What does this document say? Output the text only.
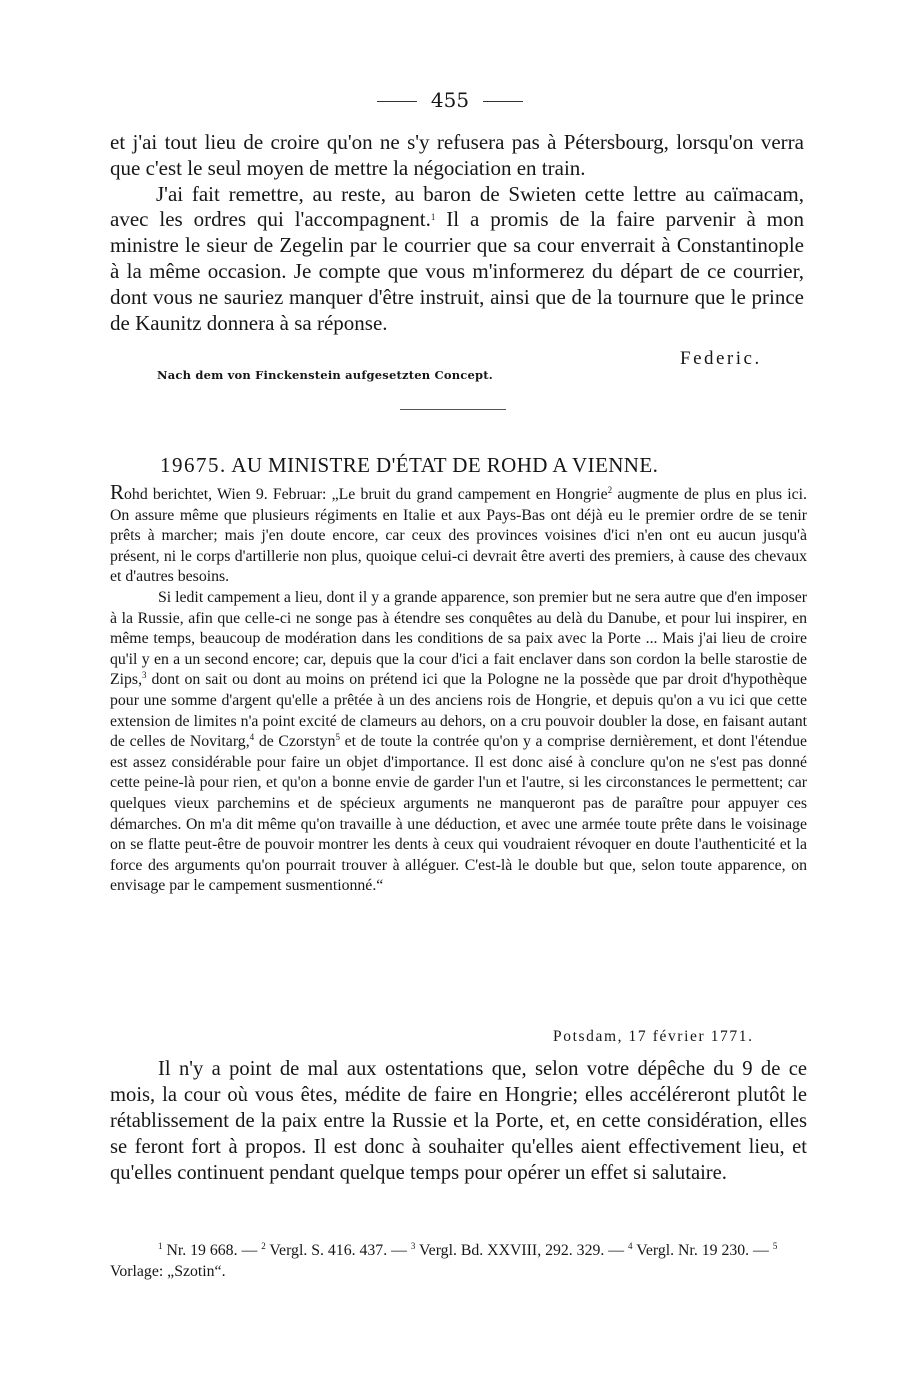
455

et j'ai tout lieu de croire qu'on ne s'y refusera pas à Pétersbourg, lorsqu'on verra que c'est le seul moyen de mettre la négociation en train.

J'ai fait remettre, au reste, au baron de Swieten cette lettre au caïmacam, avec les ordres qui l'accompagnent.$^1$ Il a promis de la faire parvenir à mon ministre le sieur de Zegelin par le courrier que sa cour enverrait à Constantinople à la même occasion. Je compte que vous m'informerez du départ de ce courrier, dont vous ne sauriez manquer d'être instruit, ainsi que de la tournure que le prince de Kaunitz donnera à sa réponse.

Federic.
Nach dem von Finckenstein aufgesetzten Concept.
19675. AU MINISTRE D'ÉTAT DE ROHD A VIENNE.

Rohd berichtet, Wien 9. Februar: „Le bruit du grand campement en Hongrie$^2$ augmente de plus en plus ici. On assure même que plusieurs régiments en Italie et aux Pays-Bas ont déjà eu le premier ordre de se tenir prêts à marcher; mais j'en doute encore, car ceux des provinces voisines d'ici n'en ont eu aucun jusqu'à présent, ni le corps d'artillerie non plus, quoique celui-ci devrait être averti des premiers, à cause des chevaux et d'autres besoins.

Si ledit campement a lieu, dont il y a grande apparence, son premier but ne sera autre que d'en imposer à la Russie, afin que celle-ci ne songe pas à étendre ses conquêtes au delà du Danube, et pour lui inspirer, en même temps, beaucoup de modération dans les conditions de sa paix avec la Porte ... Mais j'ai lieu de croire qu'il y en a un second encore; car, depuis que la cour d'ici a fait enclaver dans son cordon la belle starostie de Zips,$^3$ dont on sait ou dont au moins on prétend ici que la Pologne ne la possède que par droit d'hypothèque pour une somme d'argent qu'elle a prêtée à un des anciens rois de Hongrie, et depuis qu'on a vu ici que cette extension de limites n'a point excité de clameurs au dehors, on a cru pouvoir doubler la dose, en faisant autant de celles de Novitarg,$^4$ de Czorstyn$^5$ et de toute la contrée qu'on y a comprise dernièrement, et dont l'étendue est assez considérable pour faire un objet d'importance. Il est donc aisé à conclure qu'on ne s'est pas donné cette peine-là pour rien, et qu'on a bonne envie de garder l'un et l'autre, si les circonstances le permettent; car quelques vieux parchemins et de spécieux arguments ne manqueront pas de paraître pour appuyer ces démarches. On m'a dit même qu'on travaille à une déduction, et avec une armée toute prête dans le voisinage on se flatte peut-être de pouvoir montrer les dents à ceux qui voudraient révoquer en doute l'authenticité et la force des arguments qu'on pourrait trouver à alléguer. C'est-là le double but que, selon toute apparence, on envisage par le campement susmentionné.“

Potsdam, 17 février 1771.

Il n'y a point de mal aux ostentations que, selon votre dépêche du 9 de ce mois, la cour où vous êtes, médite de faire en Hongrie; elles accéléreront plutôt le rétablissement de la paix entre la Russie et la Porte, et, en cette considération, elles se feront fort à propos. Il est donc à souhaiter qu'elles aient effectivement lieu, et qu'elles continuent pendant quelque temps pour opérer un effet si salutaire.

$^1$ Nr. 19 668. — $^2$ Vergl. S. 416. 437. — $^3$ Vergl. Bd. XXVIII, 292. 329. — $^4$ Vergl. Nr. 19 230. — $^5$ Vorlage: „Szotin“.
